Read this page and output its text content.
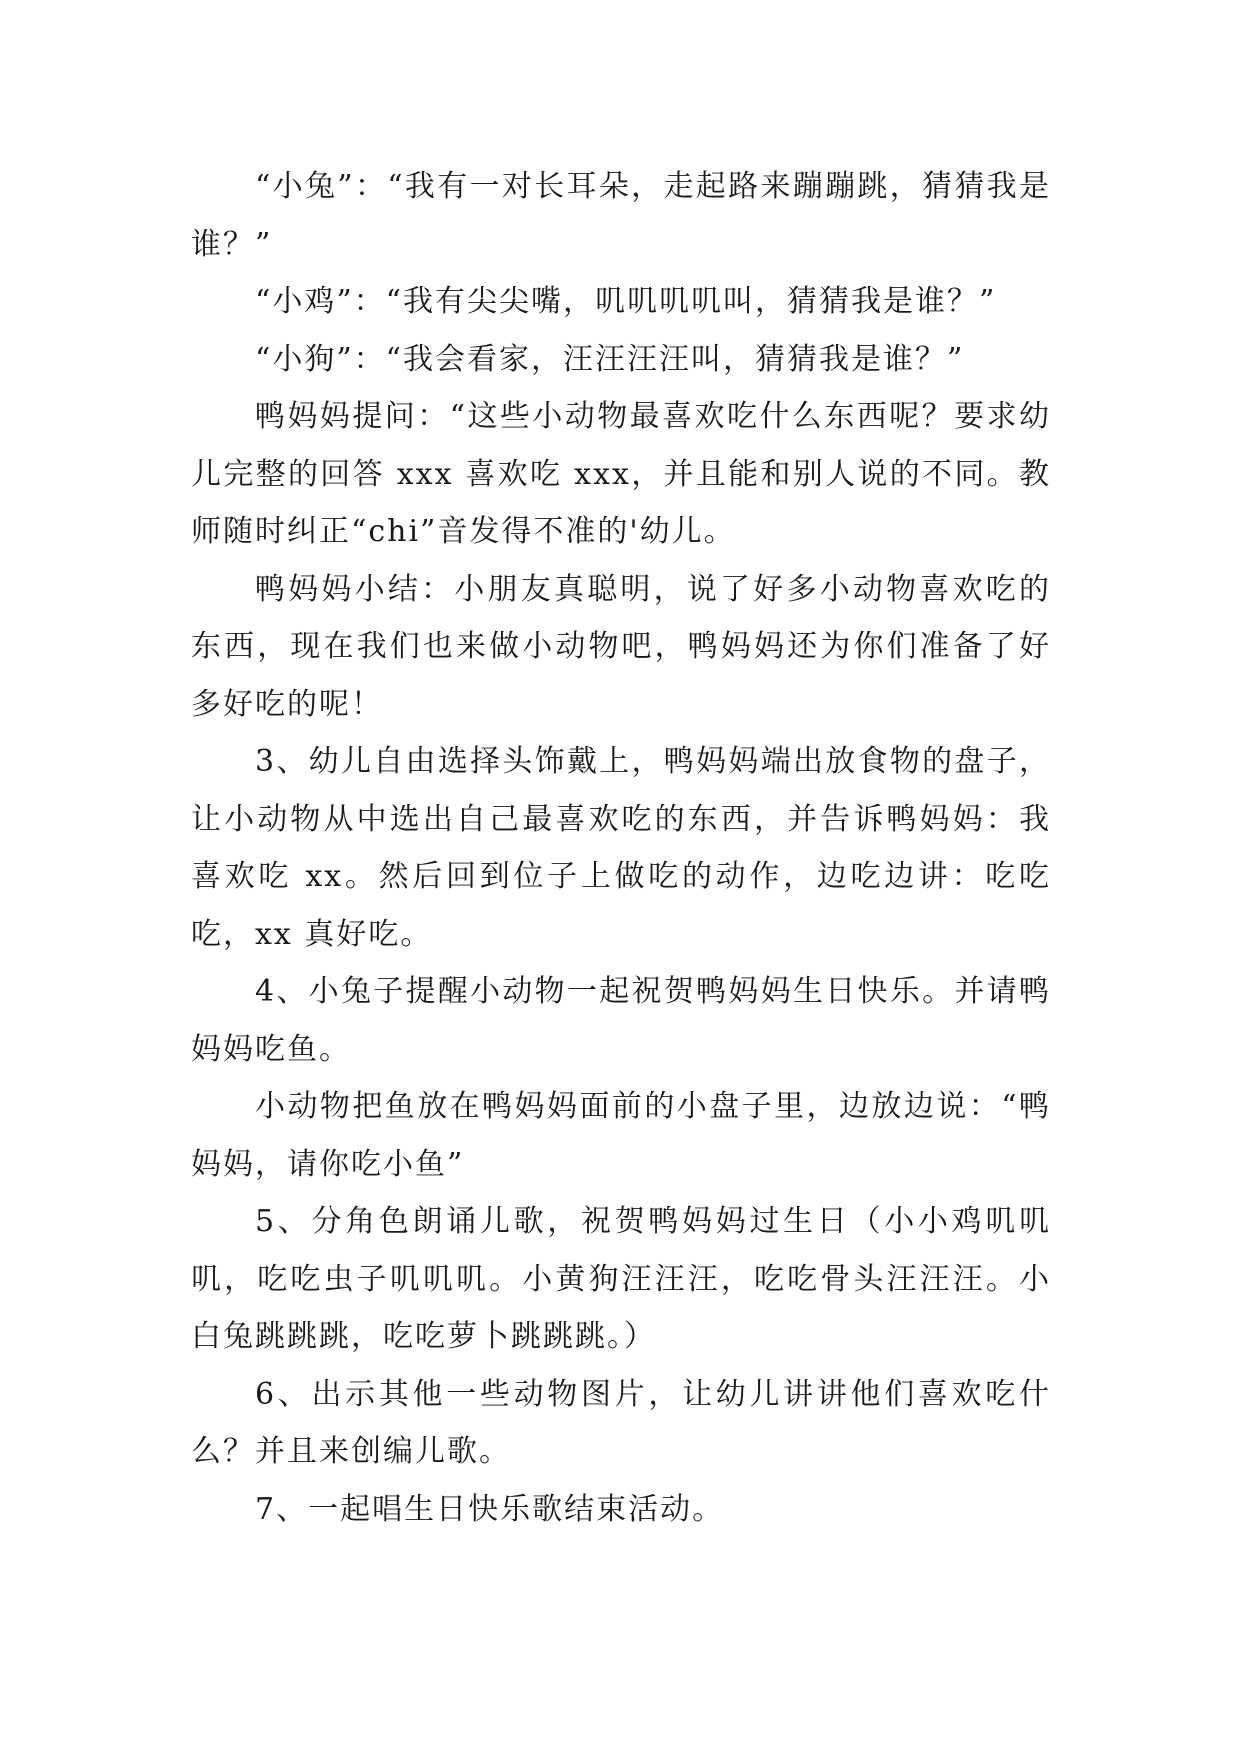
“小兔”：“我有一对长耳朵，走起路来蹦蹦跳，猜猜我是谁？”

“小鸡”：“我有尖尖嘴，叽叽叽叽叫，猜猜我是谁？”

“小狗”：“我会看家，汪汪汪汪叫，猜猜我是谁？”

鸭妈妈提问：“这些小动物最喜欢吃什么东西呢？要求幼儿完整的回答 xxx 喜欢吃 xxx，并且能和别人说的不同。教师随时纠正“chi”音发得不准的'幼儿。

鸭妈妈小结：小朋友真聪明，说了好多小动物喜欢吃的东西，现在我们也来做小动物吧，鸭妈妈还为你们准备了好多好吃的呢！

3、幼儿自由选择头饰戴上，鸭妈妈端出放食物的盘子，让小动物从中选出自己最喜欢吃的东西，并告诉鸭妈妈：我喜欢吃 xx。然后回到位子上做吃的动作，边吃边讲：吃吃吃，xx 真好吃。

4、小兔子提醒小动物一起祝贺鸭妈妈生日快乐。并请鸭妈妈吃鱼。

小动物把鱼放在鸭妈妈面前的小盘子里，边放边说：“鸭妈妈，请你吃小鱼”

5、分角色朗诵儿歌，祝贺鸭妈妈过生日（小小鸡叽叽叽，吃吃虫子叽叽叽。小黄狗汪汪汪，吃吃骨头汪汪汪。小白兔跳跳跳，吃吃萝卜跳跳跳。）

6、出示其他一些动物图片，让幼儿讲讲他们喜欢吃什么？并且来创编儿歌。

7、一起唱生日快乐歌结束活动。
